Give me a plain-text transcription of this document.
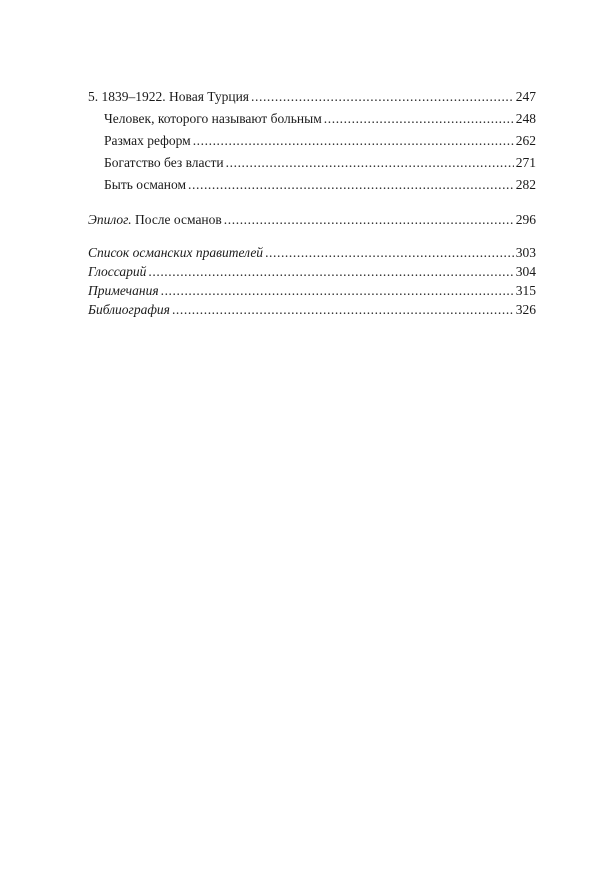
5. 1839–1922. Новая Турция .....	247
Человек, которого называют больным .....	248
Размах реформ .....	262
Богатство без власти .....	271
Быть османом .....	282
Эпилог. После османов .....	296
Список османских правителей .....	303
Глоссарий .....	304
Примечания .....	315
Библиография .....	326
